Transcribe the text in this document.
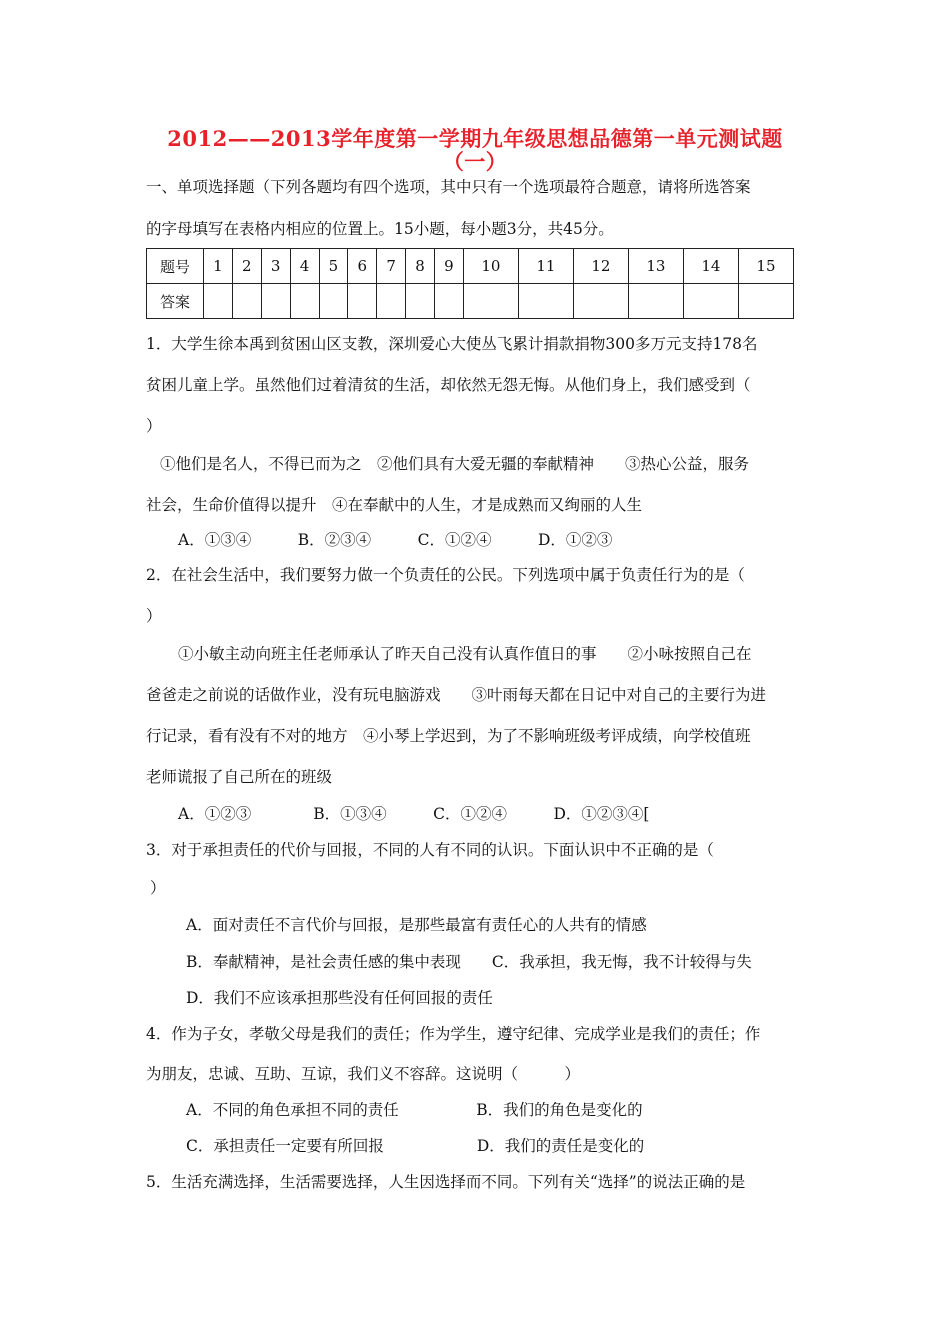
2012——2013学年度第一学期九年级思想品德第一单元测试题
（一）
一、单项选择题（下列各题均有四个选项，其中只有一个选项最符合题意，请将所选答案
的字母填写在表格内相应的位置上。15小题，每小题3分，共45分。
题号	1	2	3	4	5	6	7	8	9	10	11	12	13	14	15
答案															
1．大学生徐本禹到贫困山区支教，深圳爱心大使丛飞累计捐款捐物300多万元支持178名
贫困儿童上学。虽然他们过着清贫的生活，却依然无怨无悔。从他们身上，我们感受到（
）
①他们是名人，不得已而为之　②他们具有大爱无疆的奉献精神　　③热心公益，服务
社会，生命价值得以提升　④在奉献中的人生，才是成熟而又绚丽的人生
A．①③④　　　B．②③④　　　C．①②④　　　D．①②③
2．在社会生活中，我们要努力做一个负责任的公民。下列选项中属于负责任行为的是（
）
①小敏主动向班主任老师承认了昨天自己没有认真作值日的事　　②小咏按照自己在
爸爸走之前说的话做作业，没有玩电脑游戏　　③叶雨每天都在日记中对自己的主要行为进
行记录，看有没有不对的地方　④小琴上学迟到，为了不影响班级考评成绩，向学校值班
老师谎报了自己所在的班级
A．①②③　　　　B．①③④　　　C．①②④　　　D．①②③④[
3．对于承担责任的代价与回报，不同的人有不同的认识。下面认识中不正确的是（
）
A．面对责任不言代价与回报，是那些最富有责任心的人共有的情感
B．奉献精神，是社会责任感的集中表现　　C．我承担，我无悔，我不计较得与失
D．我们不应该承担那些没有任何回报的责任
4．作为子女，孝敬父母是我们的责任；作为学生，遵守纪律、完成学业是我们的责任；作
为朋友，忠诚、互助、互谅，我们义不容辞。这说明（　　　）
A．不同的角色承担不同的责任　　　　　B．我们的角色是变化的
C．承担责任一定要有所回报　　　　　　D．我们的责任是变化的
5．生活充满选择，生活需要选择，人生因选择而不同。下列有关“选择”的说法正确的是
